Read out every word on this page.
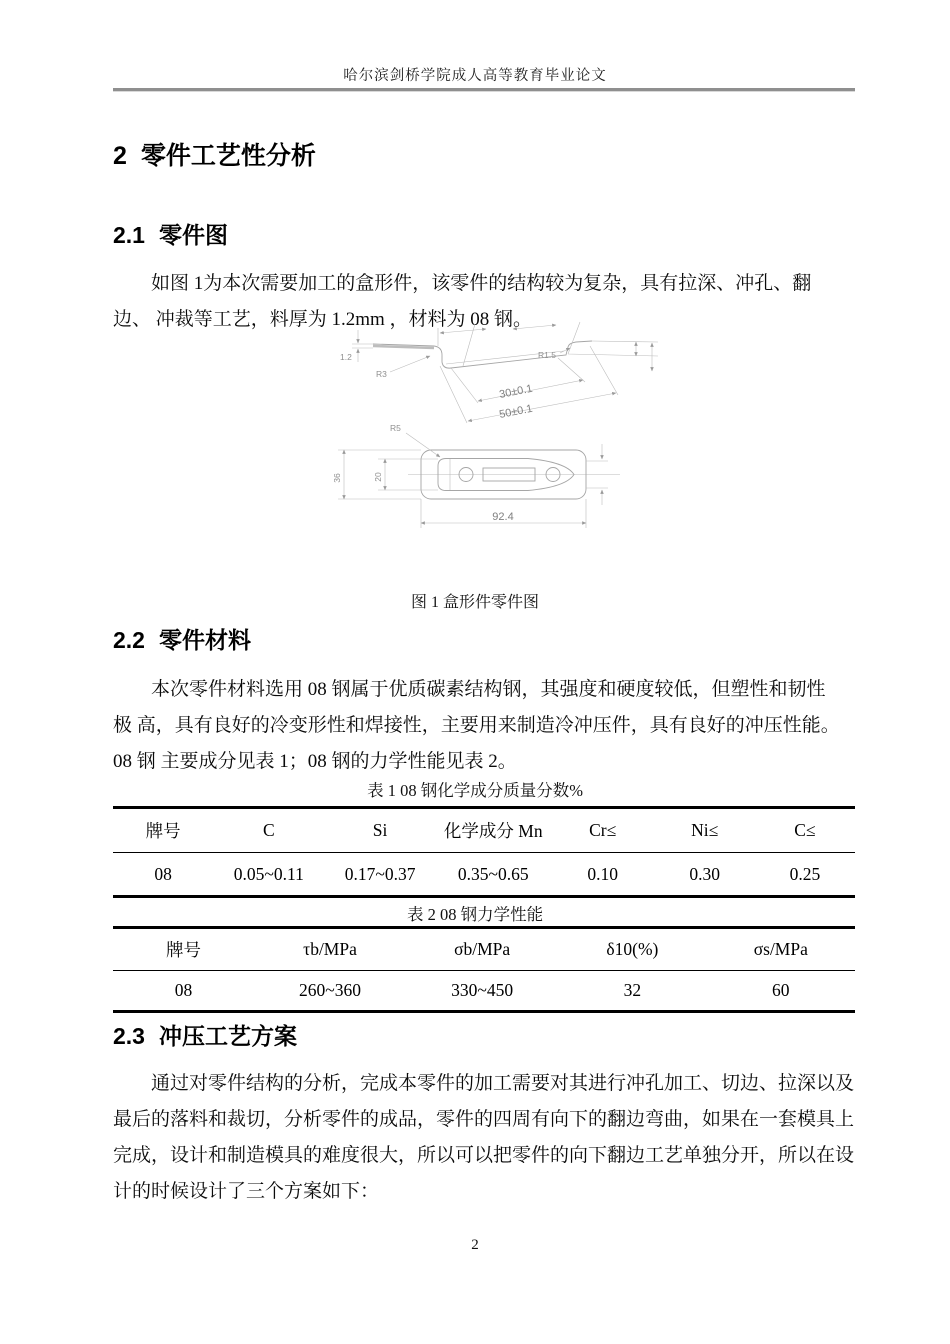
哈尔滨剑桥学院成人高等教育毕业论文
2 零件工艺性分析
2.1 零件图
如图 1为本次需要加工的盒形件，该零件的结构较为复杂，具有拉深、冲孔、翻
边、 冲裁等工艺，料厚为 1.2mm ，材料为 08 钢。
1.2
R3
R1.5
30±0.1
50±0.1
R5
36	20
92.4
图 1 盒形件零件图
2.2 零件材料
本次零件材料选用 08 钢属于优质碳素结构钢，其强度和硬度较低，但塑性和韧性
极 高，具有良好的冷变形性和焊接性，主要用来制造冷冲压件，具有良好的冲压性能。
08 钢 主要成分见表 1；08 钢的力学性能见表 2。
表 1 08 钢化学成分质量分数%
牌号	C	Si	化学成分 Mn	Cr≤	Ni≤	C≤
08	0.05~0.11	0.17~0.37	0.35~0.65	0.10	0.30	0.25
表 2 08 钢力学性能
牌号	τb/MPa	σb/MPa	δ10(%)	σs/MPa
08	260~360	330~450	32	60
2.3 冲压工艺方案
通过对零件结构的分析，完成本零件的加工需要对其进行冲孔加工、切边、拉深以及
最后的落料和裁切，分析零件的成品，零件的四周有向下的翻边弯曲，如果在一套模具上
完成，设计和制造模具的难度很大，所以可以把零件的向下翻边工艺单独分开，所以在设
计的时候设计了三个方案如下：
2
